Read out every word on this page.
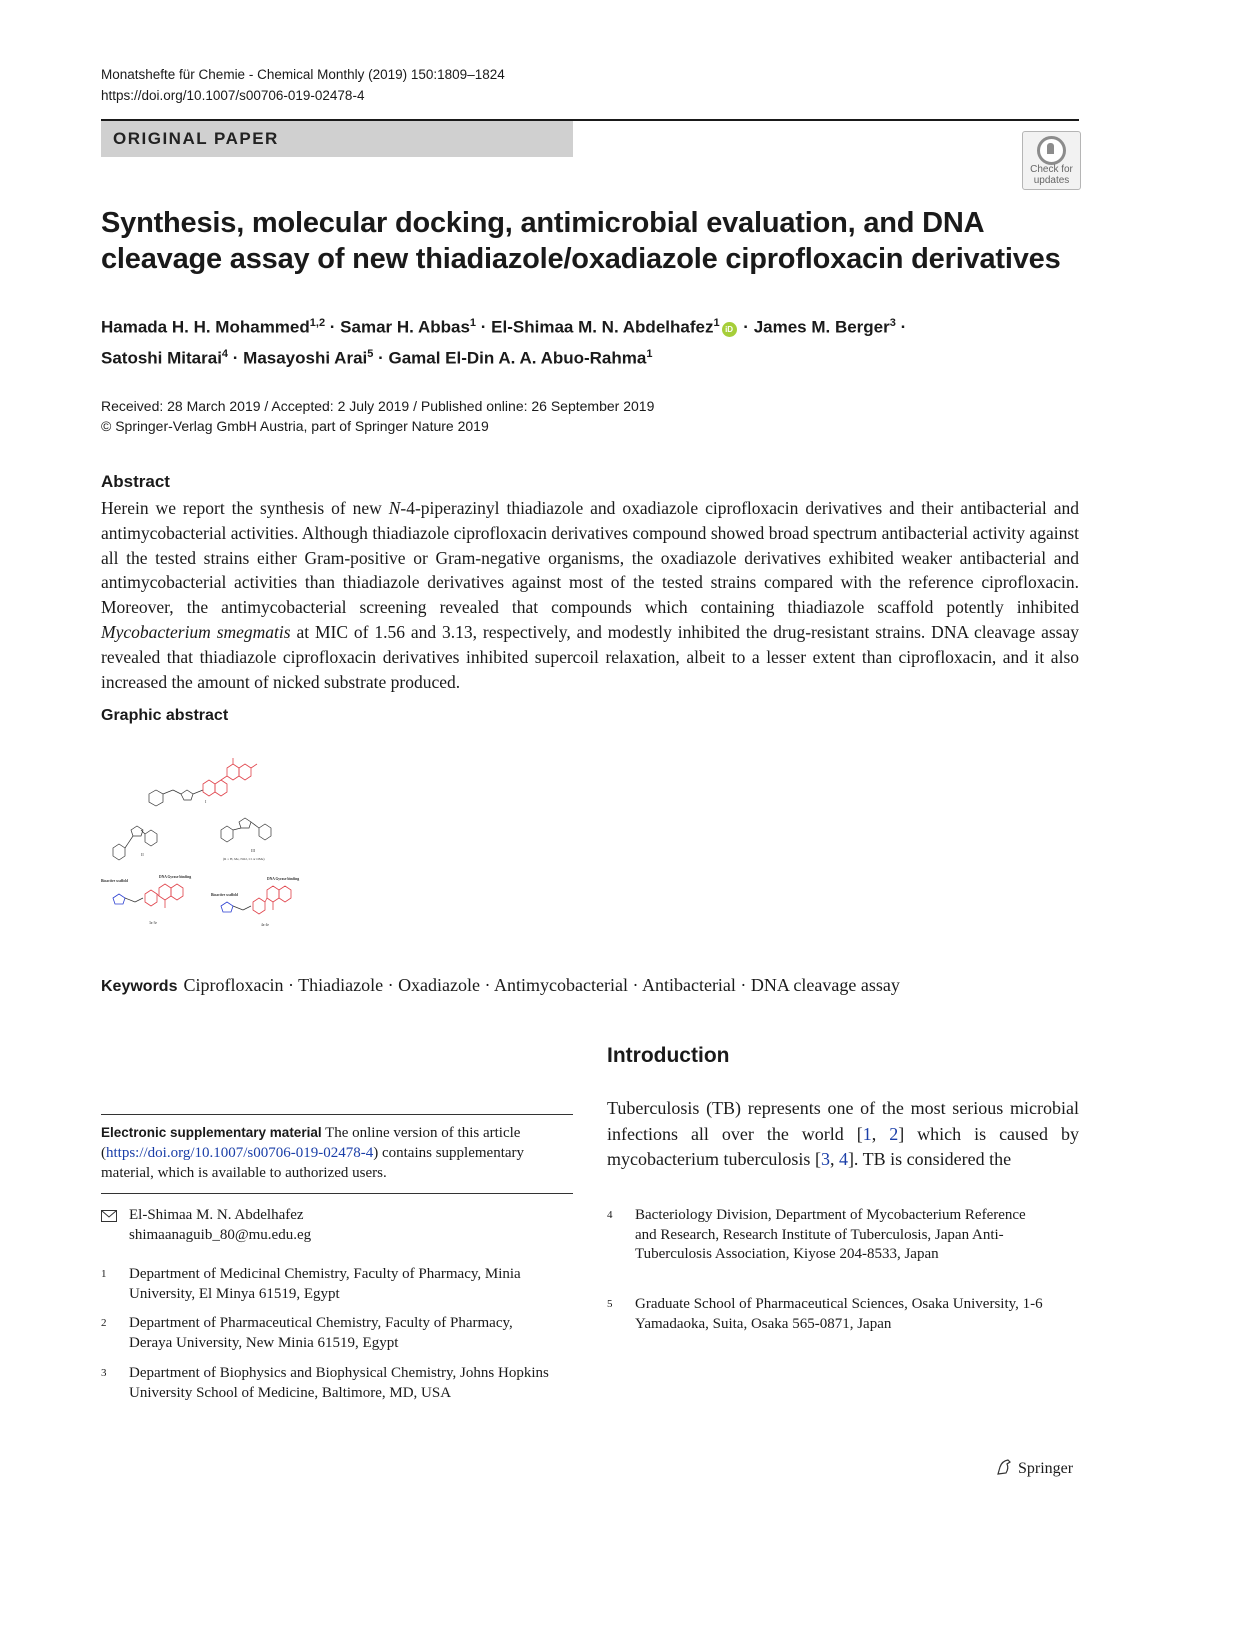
Monatshefte für Chemie - Chemical Monthly (2019) 150:1809–1824
https://doi.org/10.1007/s00706-019-02478-4
ORIGINAL PAPER
Check for
updates
Synthesis, molecular docking, antimicrobial evaluation, and DNA
cleavage assay of new thiadiazole/oxadiazole ciprofloxacin derivatives
Hamada H. H. Mohammed$^{1,2}$ · Samar H. Abbas$^1$ · El-Shimaa M. N. Abdelhafez$^1$iD · James M. Berger$^3$ ·
Satoshi Mitarai$^4$ · Masayoshi Arai$^5$ · Gamal El-Din A. A. Abuo-Rahma$^1$
Received: 28 March 2019 / Accepted: 2 July 2019 / Published online: 26 September 2019
© Springer-Verlag GmbH Austria, part of Springer Nature 2019
Abstract
Herein we report the synthesis of new N-4-piperazinyl thiadiazole and oxadiazole ciprofloxacin derivatives and their antibacterial and antimycobacterial activities. Although thiadiazole ciprofloxacin derivatives compound showed broad spectrum antibacterial activity against all the tested strains either Gram-positive or Gram-negative organisms, the oxadiazole derivatives exhibited weaker antibacterial and antimycobacterial activities than thiadiazole derivatives against most of the tested strains compared with the reference ciprofloxacin. Moreover, the antimycobacterial screening revealed that compounds which containing thiadiazole scaffold potently inhibited Mycobacterium smegmatis at MIC of 1.56 and 3.13, respectively, and modestly inhibited the drug-resistant strains. DNA cleavage assay revealed that thiadiazole ciprofloxacin derivatives inhibited supercoil relaxation, albeit to a lesser extent than ciprofloxacin, and it also increased the amount of nicked substrate produced.
Graphic abstract
I
II
III
(R = H, Me, NO2, Cl or OMe)
Bioactive scaffold
DNA Gyrase binding
3a-3e
Bioactive scaffold
DNA Gyrase binding
4a-4e
Keywords Ciprofloxacin · Thiadiazole · Oxadiazole · Antimycobacterial · Antibacterial · DNA cleavage assay
Introduction
Tuberculosis (TB) represents one of the most serious microbial infections all over the world [1, 2] which is caused by mycobacterium tuberculosis [3, 4]. TB is considered the
Electronic supplementary material The online version of this article (https://doi.org/10.1007/s00706-019-02478-4) contains supplementary material, which is available to authorized users.
El-Shimaa M. N. Abdelhafez
shimaanaguib_80@mu.edu.eg
1 Department of Medicinal Chemistry, Faculty of Pharmacy, Minia University, El Minya 61519, Egypt
2 Department of Pharmaceutical Chemistry, Faculty of Pharmacy, Deraya University, New Minia 61519, Egypt
3 Department of Biophysics and Biophysical Chemistry, Johns Hopkins University School of Medicine, Baltimore, MD, USA
4 Bacteriology Division, Department of Mycobacterium Reference and Research, Research Institute of Tuberculosis, Japan Anti-Tuberculosis Association, Kiyose 204-8533, Japan
5 Graduate School of Pharmaceutical Sciences, Osaka University, 1-6 Yamadaoka, Suita, Osaka 565-0871, Japan
Springer
